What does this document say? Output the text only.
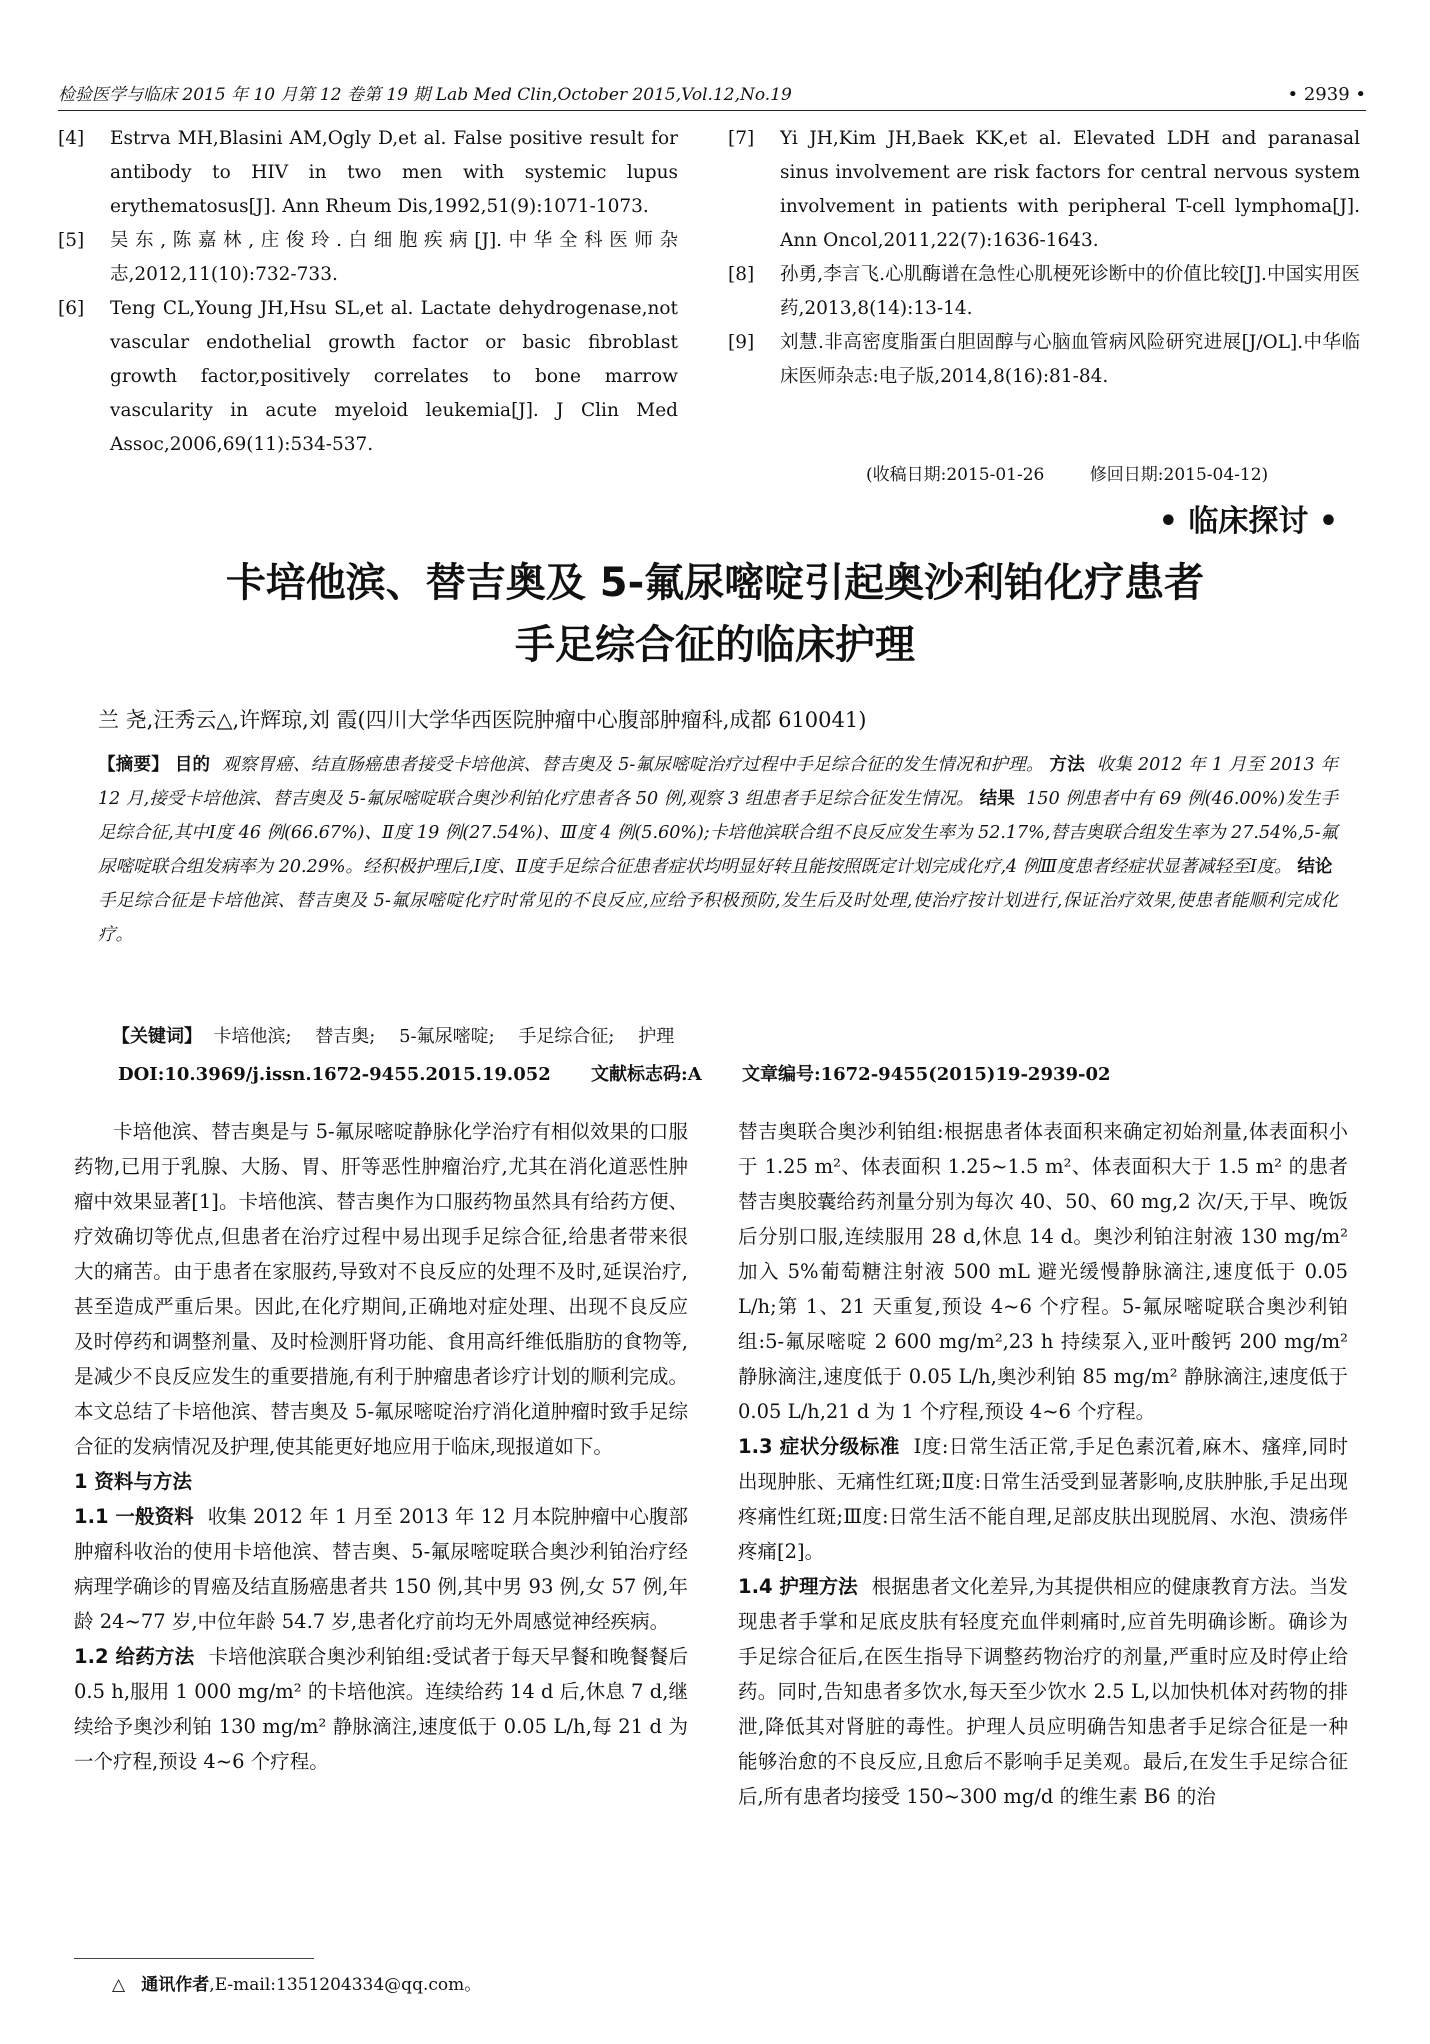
检验医学与临床 2015 年 10 月第 12 卷第 19 期 Lab Med Clin,October 2015,Vol.12,No.19	• 2939 •
[4] Estrva MH,Blasini AM,Ogly D,et al. False positive result for antibody to HIV in two men with systemic lupus erythematosus[J]. Ann Rheum Dis,1992,51(9):1071-1073.
[5] 吴东,陈嘉林,庄俊玲.白细胞疾病[J].中华全科医师杂志,2012,11(10):732-733.
[6] Teng CL,Young JH,Hsu SL,et al. Lactate dehydrogenase,not vascular endothelial growth factor or basic fibroblast growth factor,positively correlates to bone marrow vascularity in acute myeloid leukemia[J]. J Clin Med Assoc,2006,69(11):534-537.
[7] Yi JH,Kim JH,Baek KK,et al. Elevated LDH and paranasal sinus involvement are risk factors for central nervous system involvement in patients with peripheral T-cell lymphoma[J]. Ann Oncol,2011,22(7):1636-1643.
[8] 孙勇,李言飞.心肌酶谱在急性心肌梗死诊断中的价值比较[J].中国实用医药,2013,8(14):13-14.
[9] 刘慧.非高密度脂蛋白胆固醇与心脑血管病风险研究进展[J/OL].中华临床医师杂志:电子版,2014,8(16):81-84.
(收稿日期:2015-01-26	修回日期:2015-04-12)
• 临床探讨 •
卡培他滨、替吉奥及 5-氟尿嘧啶引起奥沙利铂化疗患者
手足综合征的临床护理
兰 尧,汪秀云△,许辉琼,刘 霞(四川大学华西医院肿瘤中心腹部肿瘤科,成都 610041)
【摘要】 目的 观察胃癌、结直肠癌患者接受卡培他滨、替吉奥及 5-氟尿嘧啶治疗过程中手足综合征的发生情况和护理。 方法 收集 2012 年 1 月至 2013 年 12 月,接受卡培他滨、替吉奥及 5-氟尿嘧啶联合奥沙利铂化疗患者各 50 例,观察 3 组患者手足综合征发生情况。 结果 150 例患者中有 69 例(46.00%)发生手足综合征,其中Ⅰ度 46 例(66.67%)、Ⅱ度 19 例(27.54%)、Ⅲ度 4 例(5.60%);卡培他滨联合组不良反应发生率为 52.17%,替吉奥联合组发生率为 27.54%,5-氟尿嘧啶联合组发病率为 20.29%。经积极护理后,Ⅰ度、Ⅱ度手足综合征患者症状均明显好转且能按照既定计划完成化疗,4 例Ⅲ度患者经症状显著减轻至Ⅰ度。 结论  手足综合征是卡培他滨、替吉奥及 5-氟尿嘧啶化疗时常见的不良反应,应给予积极预防,发生后及时处理,使治疗按计划进行,保证治疗效果,使患者能顺利完成化疗。
【关键词】 卡培他滨; 替吉奥; 5-氟尿嘧啶; 手足综合征; 护理
DOI:10.3969/j.issn.1672-9455.2015.19.052 文献标志码:A 文章编号:1672-9455(2015)19-2939-02

卡培他滨、替吉奥是与 5-氟尿嘧啶静脉化学治疗有相似效果的口服药物,已用于乳腺、大肠、胃、肝等恶性肿瘤治疗,尤其在消化道恶性肿瘤中效果显著[1]。卡培他滨、替吉奥作为口服药物虽然具有给药方便、疗效确切等优点,但患者在治疗过程中易出现手足综合征,给患者带来很大的痛苦。由于患者在家服药,导致对不良反应的处理不及时,延误治疗,甚至造成严重后果。因此,在化疗期间,正确地对症处理、出现不良反应及时停药和调整剂量、及时检测肝肾功能、食用高纤维低脂肪的食物等,是减少不良反应发生的重要措施,有利于肿瘤患者诊疗计划的顺利完成。本文总结了卡培他滨、替吉奥及 5-氟尿嘧啶治疗消化道肿瘤时致手足综合征的发病情况及护理,使其能更好地应用于临床,现报道如下。

1 资料与方法

1.1 一般资料 收集 2012 年 1 月至 2013 年 12 月本院肿瘤中心腹部肿瘤科收治的使用卡培他滨、替吉奥、5-氟尿嘧啶联合奥沙利铂治疗经病理学确诊的胃癌及结直肠癌患者共 150 例,其中男 93 例,女 57 例,年龄 24~77 岁,中位年龄 54.7 岁,患者化疗前均无外周感觉神经疾病。

1.2 给药方法 卡培他滨联合奥沙利铂组:受试者于每天早餐和晚餐餐后 0.5 h,服用 1 000 mg/m² 的卡培他滨。连续给药 14 d 后,休息 7 d,继续给予奥沙利铂 130 mg/m² 静脉滴注,速度低于 0.05 L/h,每 21 d 为一个疗程,预设 4~6 个疗程。

替吉奥联合奥沙利铂组:根据患者体表面积来确定初始剂量,体表面积小于 1.25 m²、体表面积 1.25~1.5 m²、体表面积大于 1.5 m² 的患者替吉奥胶囊给药剂量分别为每次 40、50、60 mg,2 次/天,于早、晚饭后分别口服,连续服用 28 d,休息 14 d。奥沙利铂注射液 130 mg/m² 加入 5%葡萄糖注射液 500 mL 避光缓慢静脉滴注,速度低于 0.05 L/h;第 1、21 天重复,预设 4~6 个疗程。5-氟尿嘧啶联合奥沙利铂组:5-氟尿嘧啶 2 600 mg/m²,23 h 持续泵入,亚叶酸钙 200 mg/m² 静脉滴注,速度低于 0.05 L/h,奥沙利铂 85 mg/m² 静脉滴注,速度低于 0.05 L/h,21 d 为 1 个疗程,预设 4~6 个疗程。

1.3 症状分级标准 Ⅰ度:日常生活正常,手足色素沉着,麻木、瘙痒,同时出现肿胀、无痛性红斑;Ⅱ度:日常生活受到显著影响,皮肤肿胀,手足出现疼痛性红斑;Ⅲ度:日常生活不能自理,足部皮肤出现脱屑、水泡、溃疡伴疼痛[2]。

1.4 护理方法 根据患者文化差异,为其提供相应的健康教育方法。当发现患者手掌和足底皮肤有轻度充血伴刺痛时,应首先明确诊断。确诊为手足综合征后,在医生指导下调整药物治疗的剂量,严重时应及时停止给药。同时,告知患者多饮水,每天至少饮水 2.5 L,以加快机体对药物的排泄,降低其对肾脏的毒性。护理人员应明确告知患者手足综合征是一种能够治愈的不良反应,且愈后不影响手足美观。最后,在发生手足综合征后,所有患者均接受 150~300 mg/d 的维生素 B6 的治

△ 通讯作者,E-mail:1351204334@qq.com。
